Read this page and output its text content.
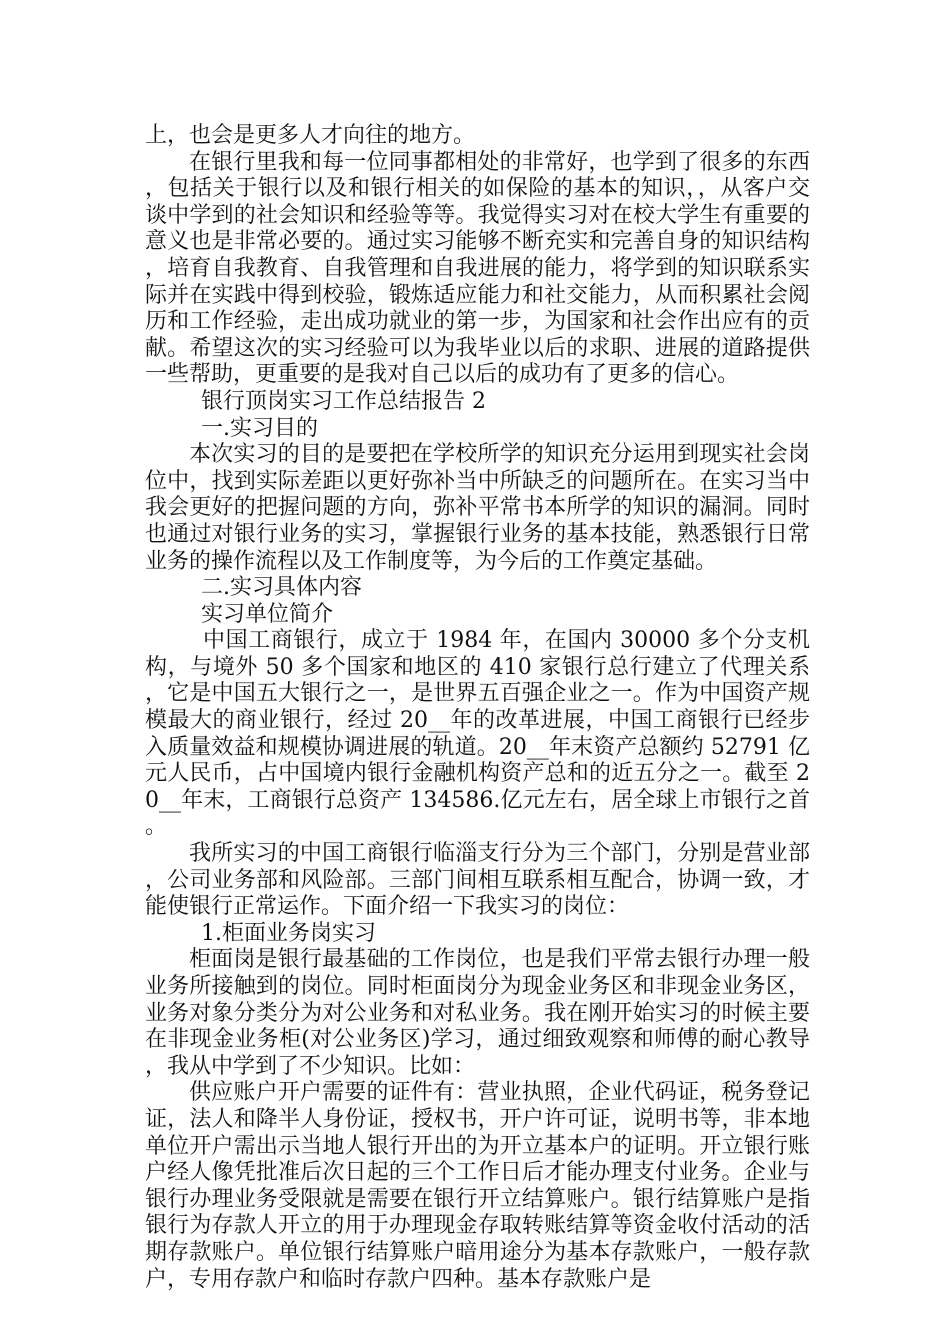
上，也会是更多人才向往的地方。

在银行里我和每一位同事都相处的非常好，也学到了很多的东西，包括关于银行以及和银行相关的如保险的基本的知识，，从客户交谈中学到的社会知识和经验等等。我觉得实习对在校大学生有重要的意义也是非常必要的。通过实习能够不断充实和完善自身的知识结构，培育自我教育、自我管理和自我进展的能力，将学到的知识联系实际并在实践中得到校验，锻炼适应能力和社交能力，从而积累社会阅历和工作经验，走出成功就业的第一步，为国家和社会作出应有的贡献。希望这次的实习经验可以为我毕业以后的求职、进展的道路提供一些帮助，更重要的是我对自己以后的成功有了更多的信心。

银行顶岗实习工作总结报告 2

一.实习目的

本次实习的目的是要把在学校所学的知识充分运用到现实社会岗位中，找到实际差距以更好弥补当中所缺乏的问题所在。在实习当中我会更好的把握问题的方向，弥补平常书本所学的知识的漏洞。同时也通过对银行业务的实习，掌握银行业务的基本技能，熟悉银行日常业务的操作流程以及工作制度等，为今后的工作奠定基础。

二.实习具体内容

实习单位简介

中国工商银行，成立于 1984 年，在国内 30000 多个分支机构，与境外 50 多个国家和地区的 410 家银行总行建立了代理关系，它是中国五大银行之一，是世界五百强企业之一。作为中国资产规模最大的商业银行，经过 20__年的改革进展，中国工商银行已经步入质量效益和规模协调进展的轨道。20__年末资产总额约 52791 亿元人民币，占中国境内银行金融机构资产总和的近五分之一。截至 20__年末，工商银行总资产 134586.亿元左右，居全球上市银行之首。

我所实习的中国工商银行临淄支行分为三个部门，分别是营业部，公司业务部和风险部。三部门间相互联系相互配合，协调一致，才能使银行正常运作。下面介绍一下我实习的岗位：

1.柜面业务岗实习

柜面岗是银行最基础的工作岗位，也是我们平常去银行办理一般业务所接触到的岗位。同时柜面岗分为现金业务区和非现金业务区，业务对象分类分为对公业务和对私业务。我在刚开始实习的时候主要在非现金业务柜(对公业务区)学习，通过细致观察和师傅的耐心教导，我从中学到了不少知识。比如：

供应账户开户需要的证件有：营业执照，企业代码证，税务登记证，法人和降半人身份证，授权书，开户许可证，说明书等，非本地单位开户需出示当地人银行开出的为开立基本户的证明。开立银行账户经人像凭批准后次日起的三个工作日后才能办理支付业务。企业与银行办理业务受限就是需要在银行开立结算账户。银行结算账户是指银行为存款人开立的用于办理现金存取转账结算等资金收付活动的活期存款账户。单位银行结算账户暗用途分为基本存款账户，一般存款户，专用存款户和临时存款户四种。基本存款账户是
